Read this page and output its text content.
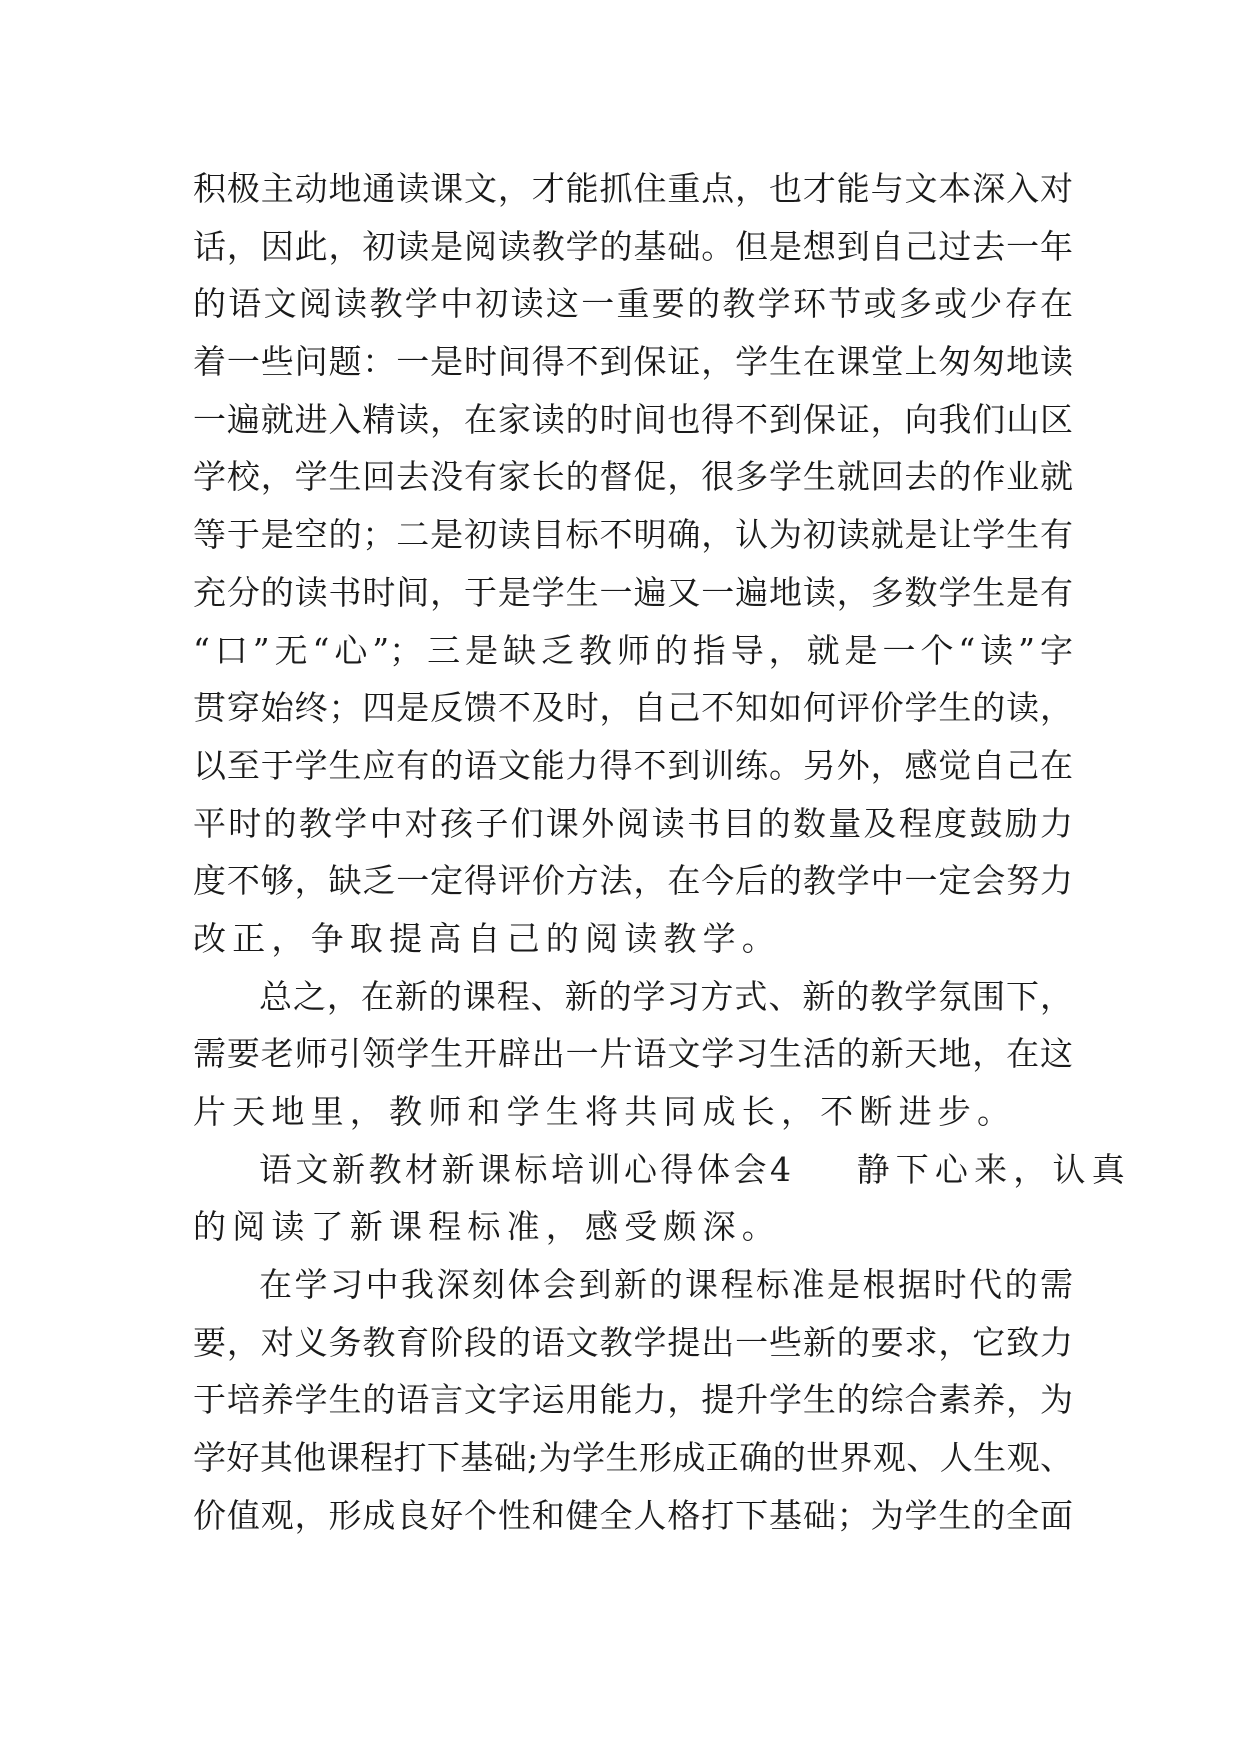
积极主动地通读课文，才能抓住重点，也才能与文本深入对
话，因此，初读是阅读教学的基础。但是想到自己过去一年
的语文阅读教学中初读这一重要的教学环节或多或少存在
着一些问题：一是时间得不到保证，学生在课堂上匆匆地读
一遍就进入精读，在家读的时间也得不到保证，向我们山区
学校，学生回去没有家长的督促，很多学生就回去的作业就
等于是空的；二是初读目标不明确，认为初读就是让学生有
充分的读书时间，于是学生一遍又一遍地读，多数学生是有
“口”无“心”；三是缺乏教师的指导，就是一个“读”字
贯穿始终；四是反馈不及时，自己不知如何评价学生的读，
以至于学生应有的语文能力得不到训练。另外，感觉自己在
平时的教学中对孩子们课外阅读书目的数量及程度鼓励力
度不够，缺乏一定得评价方法，在今后的教学中一定会努力
改正，争取提高自己的阅读教学。
总之，在新的课程、新的学习方式、新的教学氛围下，
需要老师引领学生开辟出一片语文学习生活的新天地，在这
片天地里，教师和学生将共同成长，不断进步。
语文新教材新课标培训心得体会4 静下心来，认真
的阅读了新课程标准，感受颇深。
在学习中我深刻体会到新的课程标准是根据时代的需
要，对义务教育阶段的语文教学提出一些新的要求，它致力
于培养学生的语言文字运用能力，提升学生的综合素养，为
学好其他课程打下基础;为学生形成正确的世界观、人生观、
价值观，形成良好个性和健全人格打下基础；为学生的全面
